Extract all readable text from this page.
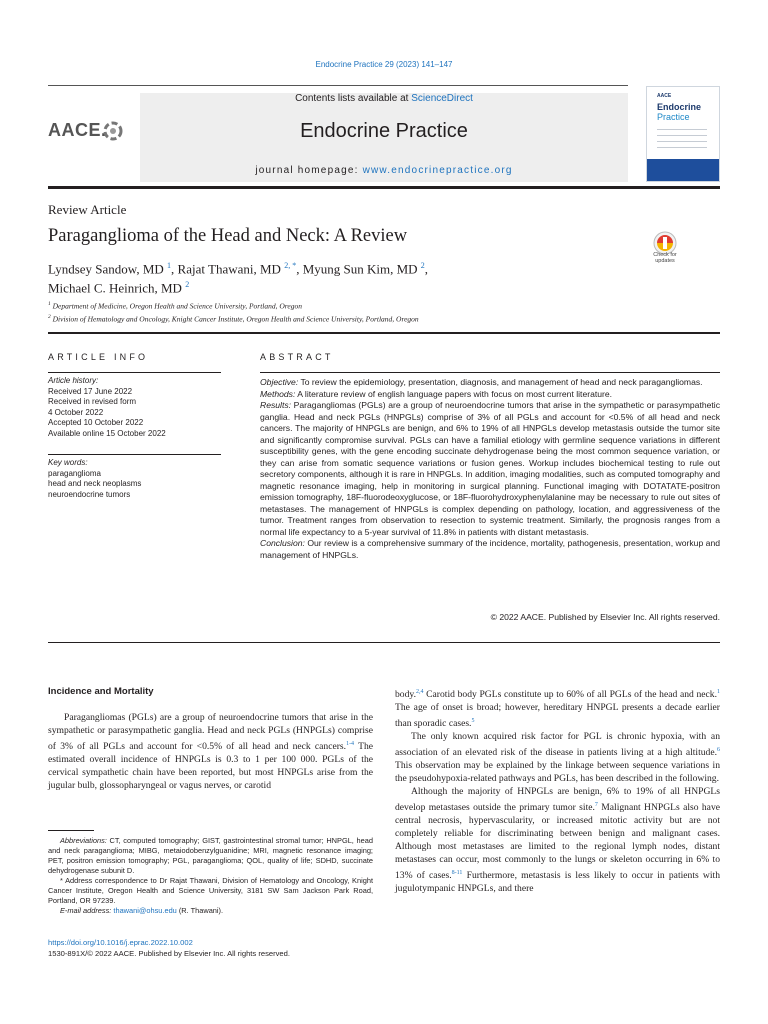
Endocrine Practice 29 (2023) 141–147
Contents lists available at ScienceDirect
Endocrine Practice
journal homepage: www.endocrinepractice.org
AACE.
AACE
Endocrine
Practice
Review Article
Paraganglioma of the Head and Neck: A Review
Lyndsey Sandow, MD $^1$, Rajat Thawani, MD $^{2, *}$, Myung Sun Kim, MD $^2$,
Michael C. Heinrich, MD $^2$
$^1$ Department of Medicine, Oregon Health and Science University, Portland, Oregon
$^2$ Division of Hematology and Oncology, Knight Cancer Institute, Oregon Health and Science University, Portland, Oregon
Check for updates
ARTICLE INFO
Article history:
Received 17 June 2022
Received in revised form
4 October 2022
Accepted 10 October 2022
Available online 15 October 2022
Key words:
paraganglioma
head and neck neoplasms
neuroendocrine tumors
ABSTRACT

Objective: To review the epidemiology, presentation, diagnosis, and management of head and neck paragangliomas.

Methods: A literature review of english language papers with focus on most current literature.

Results: Paragangliomas (PGLs) are a group of neuroendocrine tumors that arise in the sympathetic or parasympathetic ganglia. Head and neck PGLs (HNPGLs) comprise of 3% of all PGLs and account for <0.5% of all head and neck cancers. The majority of HNPGLs are benign, and 6% to 19% of all HNPGLs develop metastasis outside the tumor site and significantly compromise survival. PGLs can have a familial etiology with germline sequence variations in different susceptibility genes, with the gene encoding succinate dehydrogenase being the most common sequence variation, or they can arise from somatic sequence variations or fusion genes. Workup includes biochemical testing to rule out secretory components, although it is rare in HNPGLs. In addition, imaging modalities, such as computed tomography and magnetic resonance imaging, help in monitoring in surgical planning. Functional imaging with DOTATATE-positron emission tomography, 18F-fluorodeoxyglucose, or 18F-fluorohydroxyphenylalanine may be necessary to rule out sites of metastases. The management of HNPGLs is complex depending on pathology, location, and aggressiveness of the tumor. Treatment ranges from observation to resection to systemic treatment. Similarly, the prognosis ranges from a normal life expectancy to a 5-year survival of 11.8% in patients with distant metastasis.

Conclusion: Our review is a comprehensive summary of the incidence, mortality, pathogenesis, presentation, workup and management of HNPGLs.

© 2022 AACE. Published by Elsevier Inc. All rights reserved.
Incidence and Mortality

Paragangliomas (PGLs) are a group of neuroendocrine tumors that arise in the sympathetic or parasympathetic ganglia. Head and neck PGLs (HNPGLs) comprise of 3% of all PGLs and account for <0.5% of all head and neck cancers.$^{1-4}$ The estimated overall incidence of HNPGLs is 0.3 to 1 per 100 000. PGLs of the cervical sympathetic chain have been reported, but most HNPGLs arise from the jugular bulb, glossopharyngeal or vagus nerves, or carotid

body.$^{2,4}$ Carotid body PGLs constitute up to 60% of all PGLs of the head and neck.$^1$ The age of onset is broad; however, hereditary HNPGL presents a decade earlier than sporadic cases.$^5$

The only known acquired risk factor for PGL is chronic hypoxia, with an association of an elevated risk of the disease in patients living at a high altitude.$^6$ This observation may be explained by the linkage between sequence variations in the pseudohypoxia-related pathways and PGLs, has been described in the following.

Although the majority of HNPGLs are benign, 6% to 19% of all HNPGLs develop metastases outside the primary tumor site.$^7$ Malignant HNPGLs also have central necrosis, hypervascularity, or increased mitotic activity but are not completely reliable for discriminating between benign and malignant cases. Although most metastases are limited to the regional lymph nodes, distant metastases can occur, most commonly to the lungs or skeleton occurring in 6% to 13% of cases.$^{8-11}$ Furthermore, metastasis is less likely to occur in patients with jugulotympanic HNPGLs, and there

Abbreviations: CT, computed tomography; GIST, gastrointestinal stromal tumor; HNPGL, head and neck paraganglioma; MIBG, metaiodobenzylguanidine; MRI, magnetic resonance imaging; PET, positron emission tomography; PGL, paraganglioma; QOL, quality of life; SDHD, succinate dehydrogenase subunit D.

* Address correspondence to Dr Rajat Thawani, Division of Hematology and Oncology, Knight Cancer Institute, Oregon Health and Science University, 3181 SW Sam Jackson Park Road, Portland, OR 97239.

E-mail address: thawani@ohsu.edu (R. Thawani).

https://doi.org/10.1016/j.eprac.2022.10.002
1530-891X/© 2022 AACE. Published by Elsevier Inc. All rights reserved.
